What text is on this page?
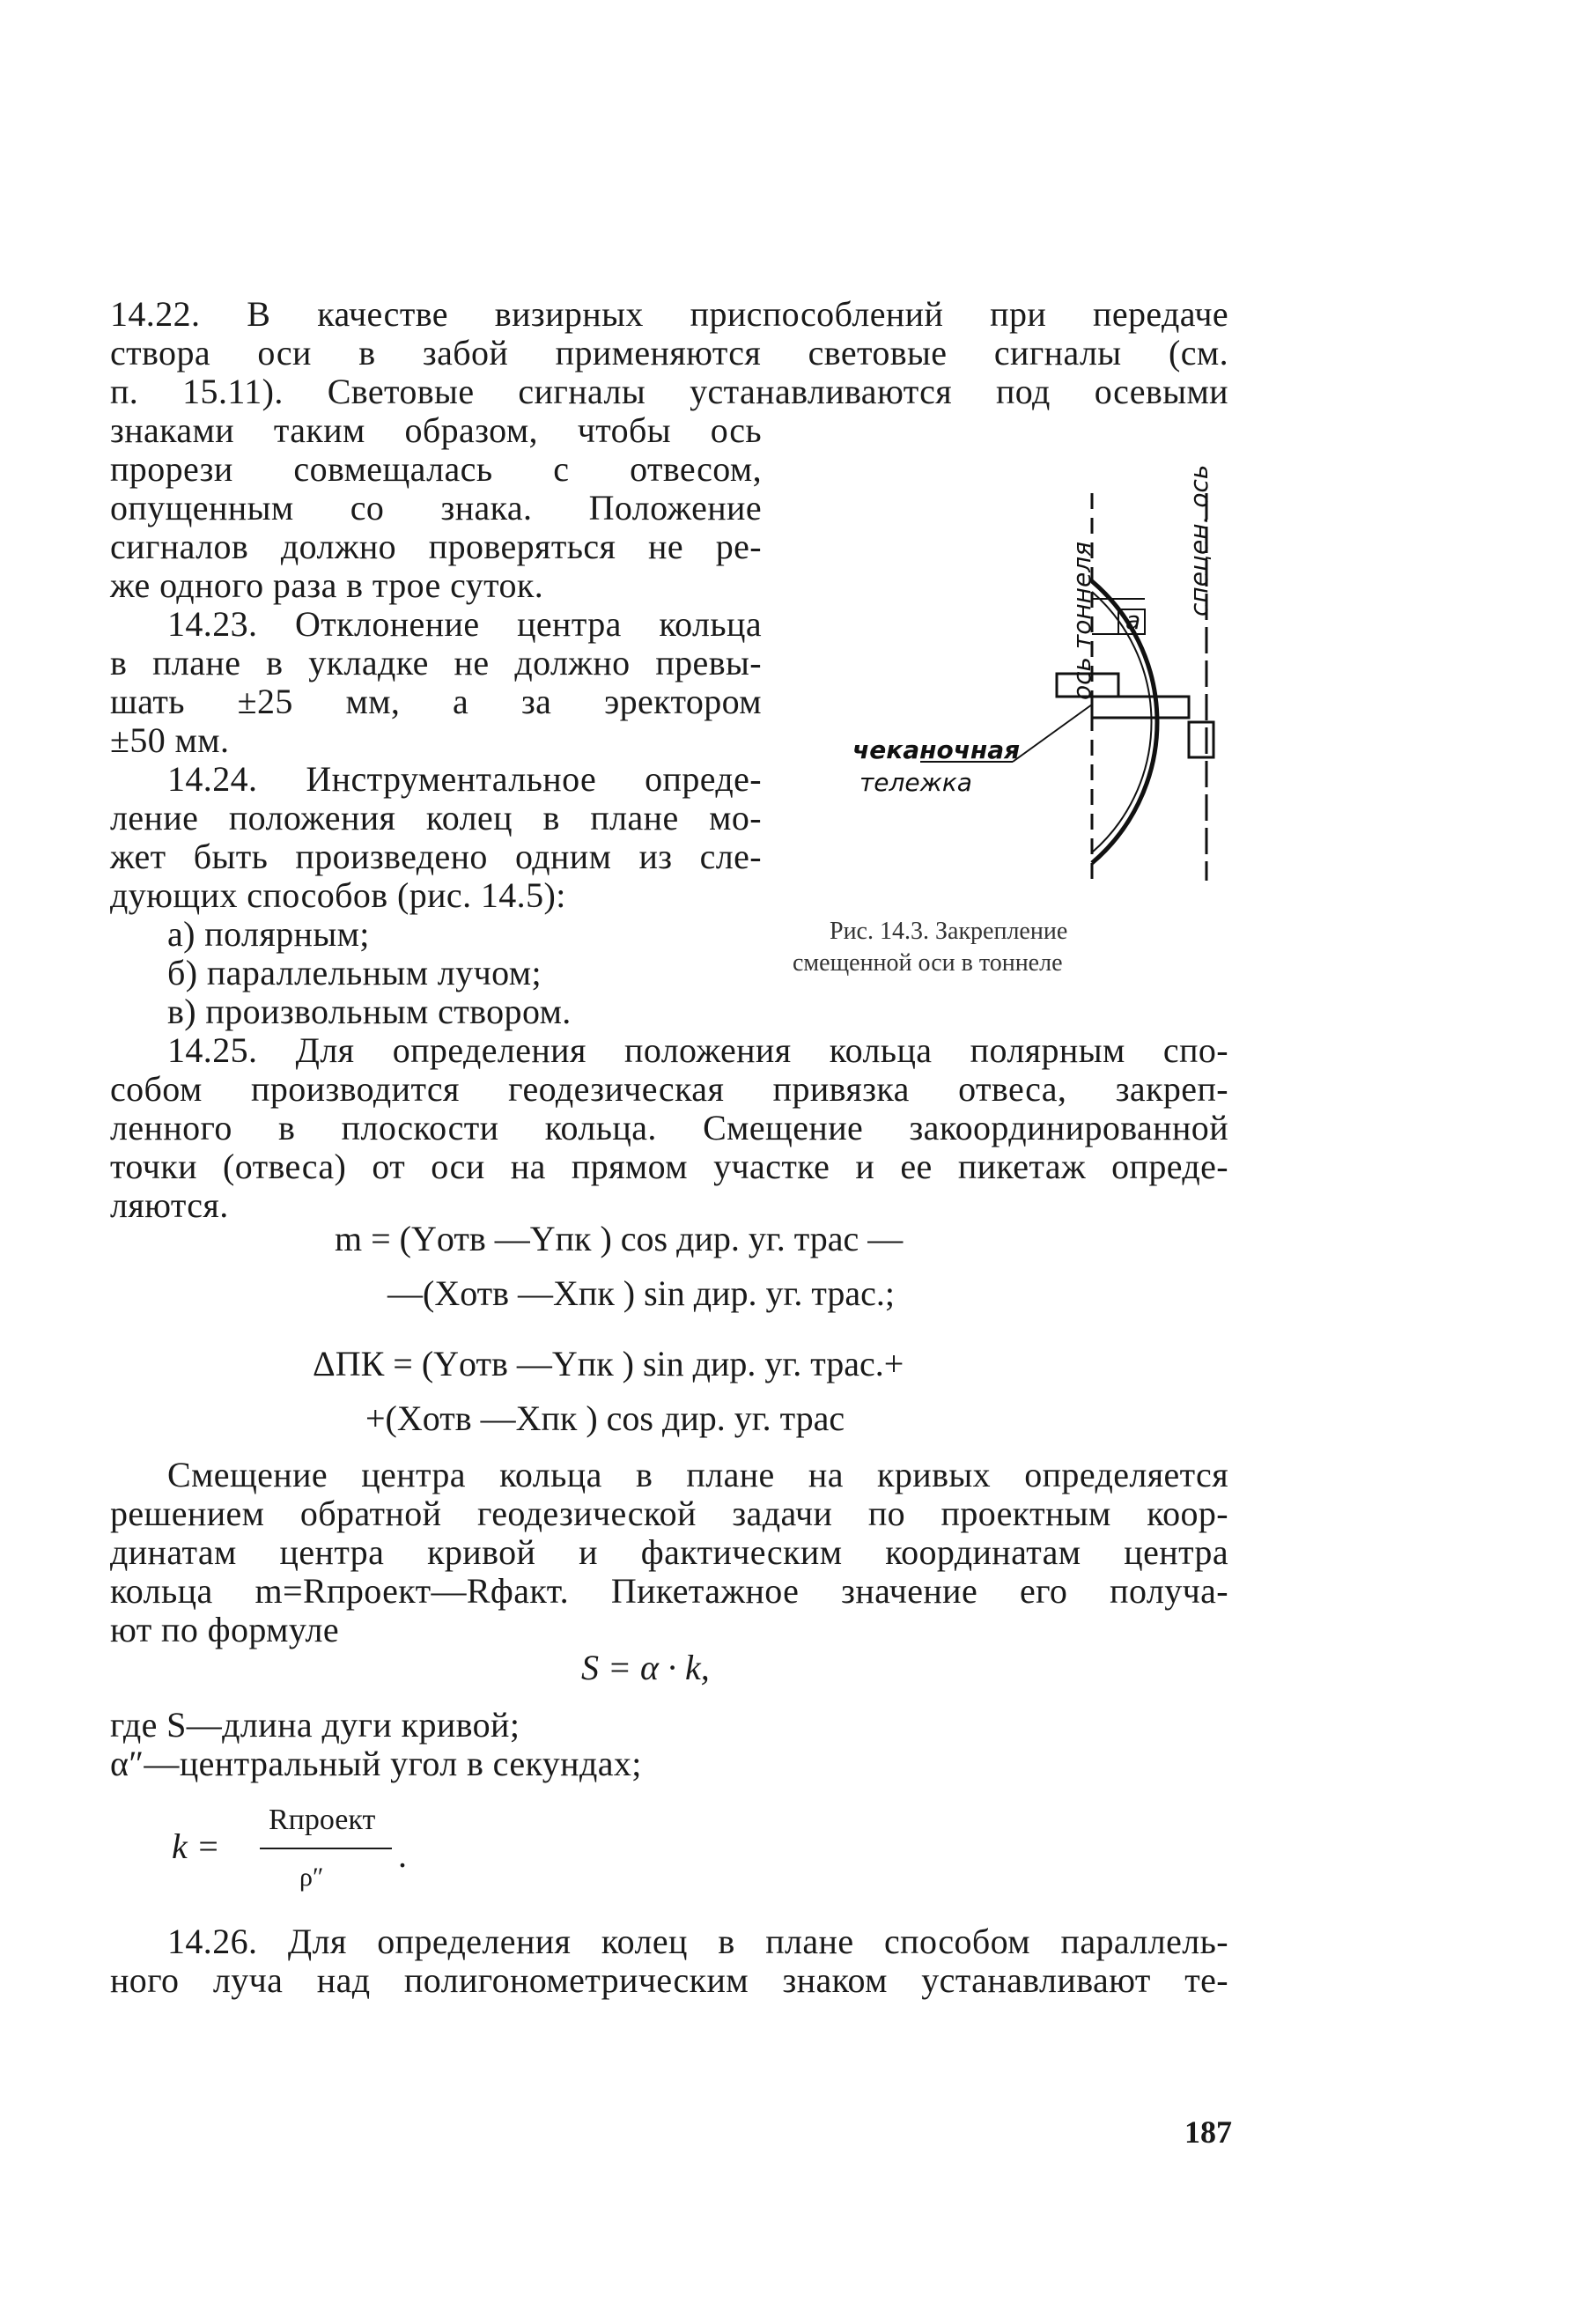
14.22. В качестве визирных приспособлений при передаче
створа оси в забой применяются световые сигналы (см.
п. 15.11). Световые сигналы устанавливаются под осевыми
знаками таким образом, чтобы ось
прорези совмещалась с отвесом,
опущенным со знака. Положение
сигналов должно проверяться не ре-
же одного раза в трое суток.
14.23. Отклонение центра кольца
в плане в укладке не должно превы-
шать ±25 мм, а за эректором
±50 мм.
14.24. Инструментальное опреде-
ление положения колец в плане мо-
жет быть произведено одним из сле-
дующих способов (рис. 14.5):
а) полярным;
б) параллельным лучом;
в) произвольным створом.
ось тоннеля
спецен. ось
a
чеканочная
тележка
Рис. 14.3. Закрепление
смещенной оси в тоннеле
14.25. Для определения положения кольца полярным спо-
собом производится геодезическая привязка отвеса, закреп-
ленного в плоскости кольца. Смещение закоординированной
точки (отвеса) от оси на прямом участке и ее пикетаж опреде-
ляются.
m = (Yотв —Yпк ) cos дир. уг. трас —
—(Xотв —Xпк ) sin дир. уг. трас.;
ΔПК = (Yотв —Yпк ) sin дир. уг. трас.+
+(Xотв —Xпк ) cos дир. уг. трас
Смещение центра кольца в плане на кривых определяется
решением обратной геодезической задачи по проектным коор-
динатам центра кривой и фактическим координатам центра
кольца m=Rпроект—Rфакт. Пикетажное значение его получа-
ют по формуле
S = α · k,
где S—длина дуги кривой;
α″—центральный угол в секундах;
k =
Rпроект
ρ″
.
14.26. Для определения колец в плане способом параллель-
ного луча над полигонометрическим знаком устанавливают те-
187
